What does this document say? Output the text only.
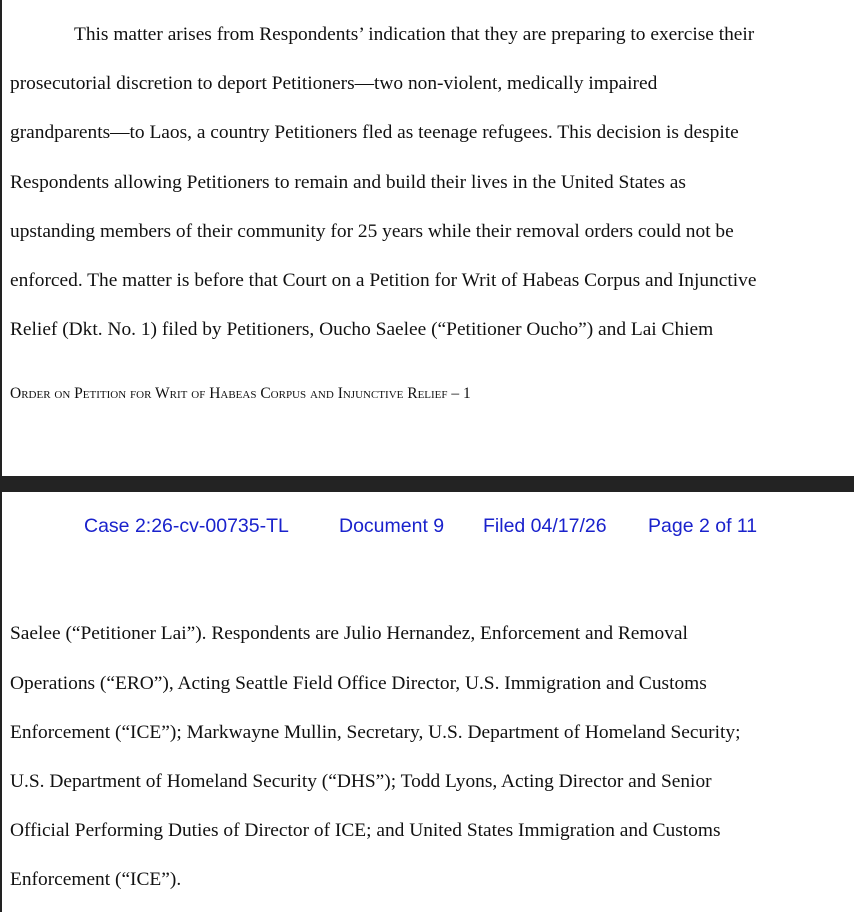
This matter arises from Respondents’ indication that they are preparing to exercise their
prosecutorial discretion to deport Petitioners—two non-violent, medically impaired
grandparents—to Laos, a country Petitioners fled as teenage refugees. This decision is despite
Respondents allowing Petitioners to remain and build their lives in the United States as
upstanding members of their community for 25 years while their removal orders could not be
enforced. The matter is before that Court on a Petition for Writ of Habeas Corpus and Injunctive
Relief (Dkt. No. 1) filed by Petitioners, Oucho Saelee (“Petitioner Oucho”) and Lai Chiem
Order on Petition for Writ of Habeas Corpus and Injunctive Relief – 1
Case 2:26-cv-00735-TL	Document 9 Filed 04/17/26 Page 2 of 11
Saelee (“Petitioner Lai”). Respondents are Julio Hernandez, Enforcement and Removal
Operations (“ERO”), Acting Seattle Field Office Director, U.S. Immigration and Customs
Enforcement (“ICE”); Markwayne Mullin, Secretary, U.S. Department of Homeland Security;
U.S. Department of Homeland Security (“DHS”); Todd Lyons, Acting Director and Senior
Official Performing Duties of Director of ICE; and United States Immigration and Customs
Enforcement (“ICE”).
